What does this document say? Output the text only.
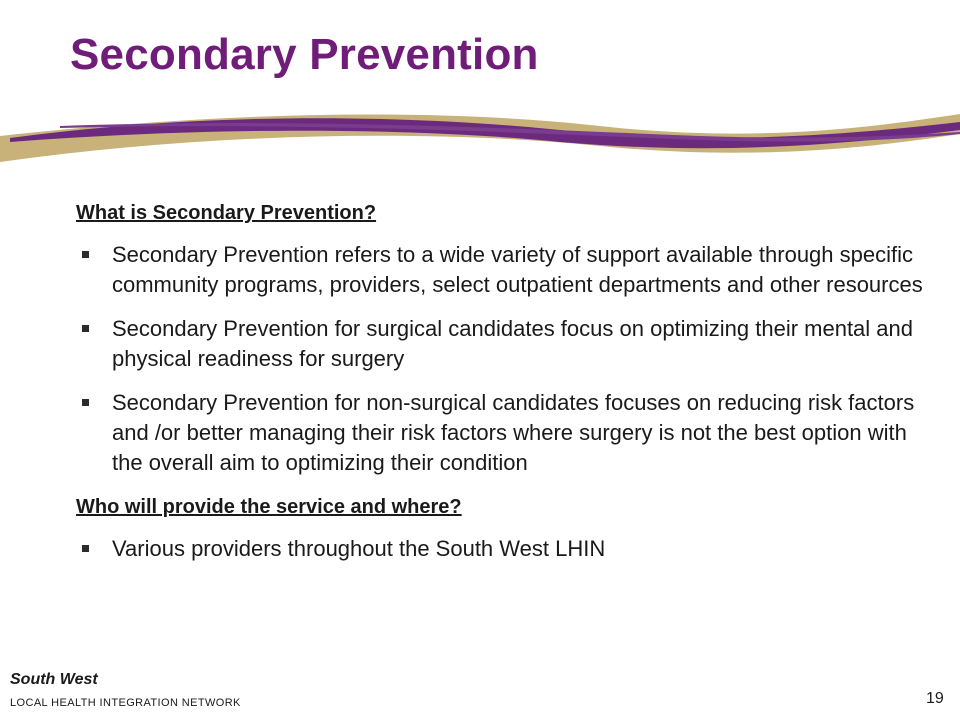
Secondary Prevention
What is Secondary Prevention?
Secondary Prevention refers to a wide variety of support available through specific community programs, providers, select outpatient departments and other resources
Secondary Prevention for surgical candidates focus on optimizing their mental and physical readiness for surgery
Secondary Prevention for non-surgical candidates focuses on reducing risk factors and /or better managing their risk factors where surgery is not the best option with the overall aim to optimizing their condition
Who will provide the service and where?
Various providers throughout the South West LHIN
South West
LOCAL HEALTH INTEGRATION NETWORK	19
